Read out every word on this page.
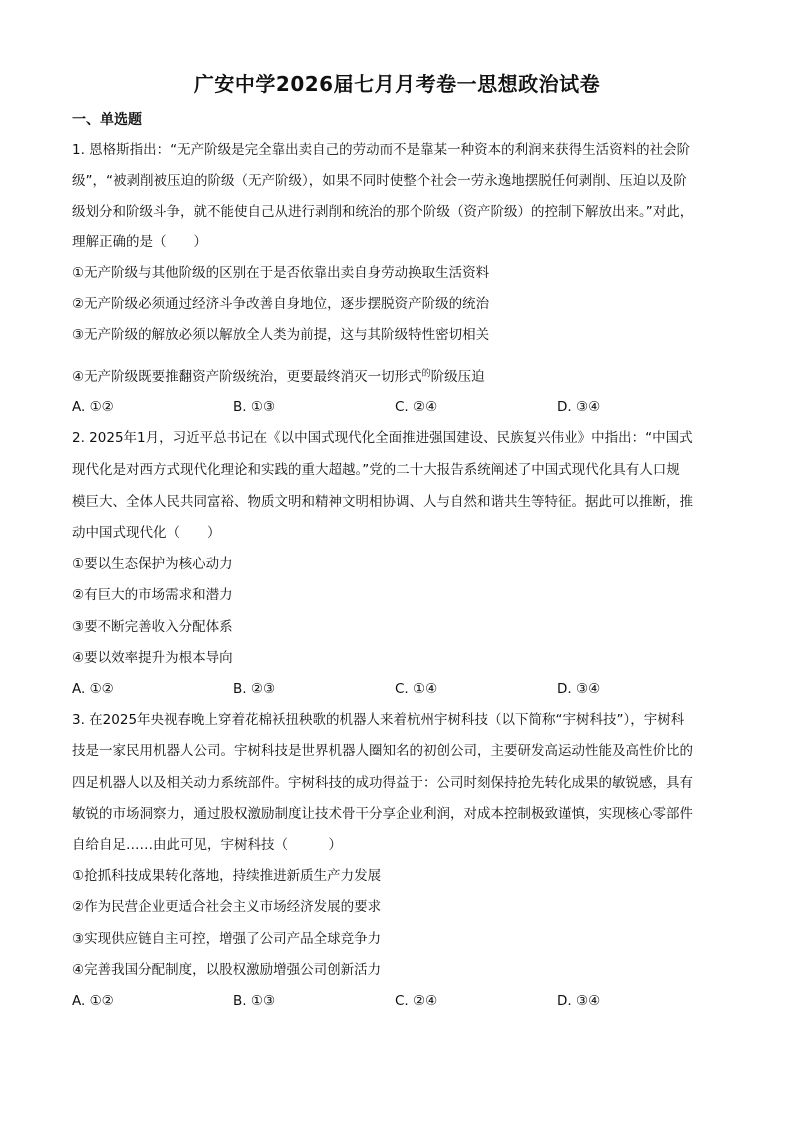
广安中学2026届七月月考卷一思想政治试卷
一、单选题
1. 恩格斯指出：“无产阶级是完全靠出卖自己的劳动而不是靠某一种资本的利润来获得生活资料的社会阶
级”，“被剥削被压迫的阶级（无产阶级），如果不同时使整个社会一劳永逸地摆脱任何剥削、压迫以及阶
级划分和阶级斗争，就不能使自己从进行剥削和统治的那个阶级（资产阶级）的控制下解放出来。”对此，
理解正确的是（　　）
①无产阶级与其他阶级的区别在于是否依靠出卖自身劳动换取生活资料
②无产阶级必须通过经济斗争改善自身地位，逐步摆脱资产阶级的统治
③无产阶级的解放必须以解放全人类为前提，这与其阶级特性密切相关
④无产阶级既要推翻资产阶级统治，更要最终消灭一切形式$^的$阶级压迫
A. ①②	B. ①③	C. ②④	D. ③④
2. 2025年1月，习近平总书记在《以中国式现代化全面推进强国建设、民族复兴伟业》中指出：“中国式
现代化是对西方式现代化理论和实践的重大超越。”党的二十大报告系统阐述了中国式现代化具有人口规
模巨大、全体人民共同富裕、物质文明和精神文明相协调、人与自然和谐共生等特征。据此可以推断，推
动中国式现代化（　　）
①要以生态保护为核心动力
②有巨大的市场需求和潜力
③要不断完善收入分配体系
④要以效率提升为根本导向
A. ①②	B. ②③	C. ①④	D. ③④
3. 在2025年央视春晚上穿着花棉袄扭秧歌的机器人来着杭州宇树科技（以下简称“宇树科技”），宇树科
技是一家民用机器人公司。宇树科技是世界机器人圈知名的初创公司，主要研发高运动性能及高性价比的
四足机器人以及相关动力系统部件。宇树科技的成功得益于：公司时刻保持抢先转化成果的敏锐感，具有
敏锐的市场洞察力，通过股权激励制度让技术骨干分享企业利润，对成本控制极致谨慎，实现核心零部件
自给自足……由此可见，宇树科技（　　　）
①抢抓科技成果转化落地，持续推进新质生产力发展
②作为民营企业更适合社会主义市场经济发展的要求
③实现供应链自主可控，增强了公司产品全球竞争力
④完善我国分配制度，以股权激励增强公司创新活力
A. ①②	B. ①③	C. ②④	D. ③④
